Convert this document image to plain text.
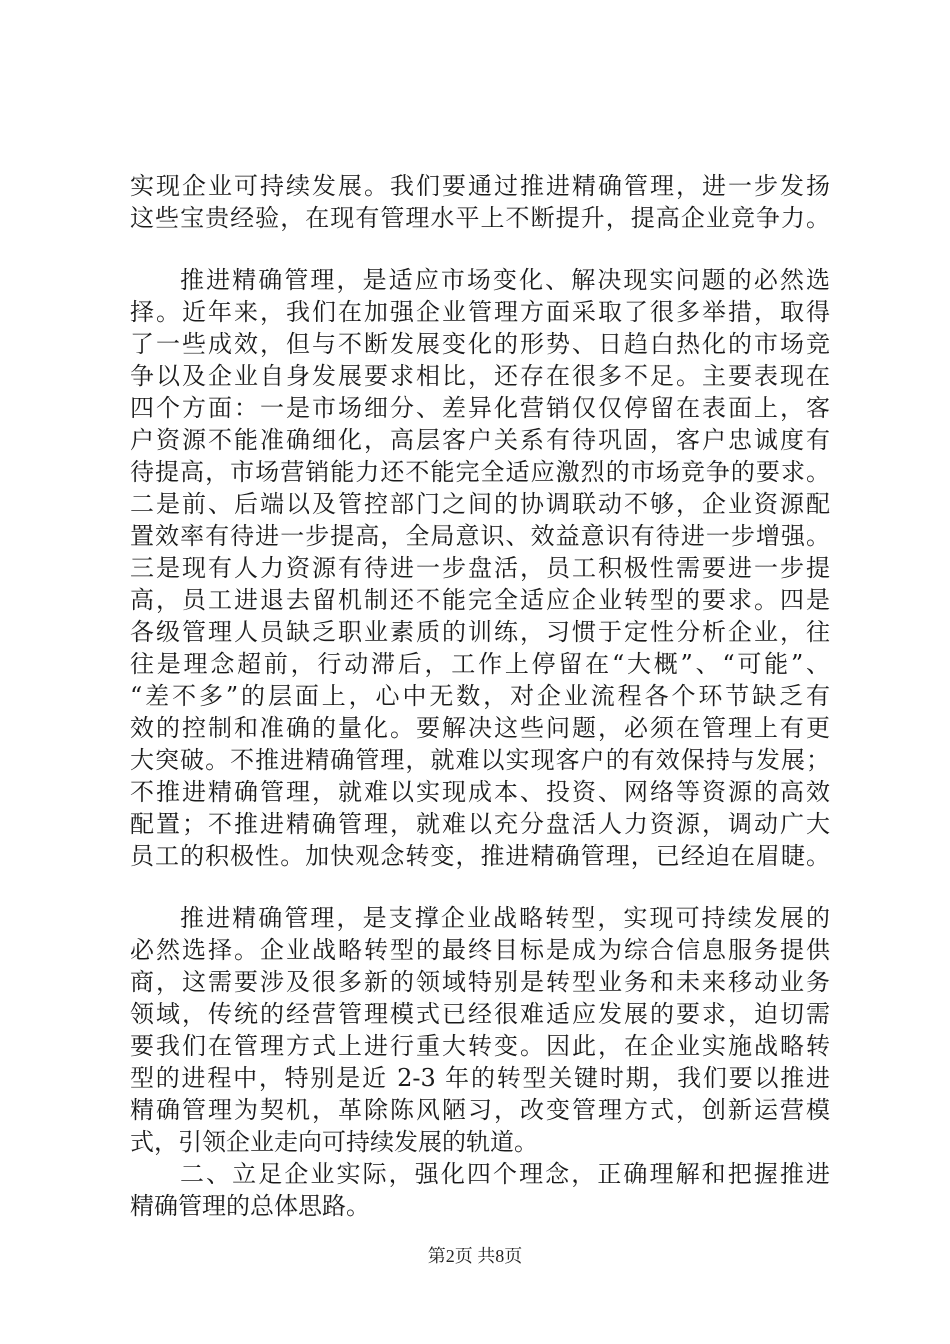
实现企业可持续发展。我们要通过推进精确管理，进一步发扬
这些宝贵经验，在现有管理水平上不断提升，提高企业竞争力。
推进精确管理，是适应市场变化、解决现实问题的必然选
择。近年来，我们在加强企业管理方面采取了很多举措，取得
了一些成效，但与不断发展变化的形势、日趋白热化的市场竞
争以及企业自身发展要求相比，还存在很多不足。主要表现在
四个方面：一是市场细分、差异化营销仅仅停留在表面上，客
户资源不能准确细化，高层客户关系有待巩固，客户忠诚度有
待提高，市场营销能力还不能完全适应激烈的市场竞争的要求。
二是前、后端以及管控部门之间的协调联动不够，企业资源配
置效率有待进一步提高，全局意识、效益意识有待进一步增强。
三是现有人力资源有待进一步盘活，员工积极性需要进一步提
高，员工进退去留机制还不能完全适应企业转型的要求。四是
各级管理人员缺乏职业素质的训练，习惯于定性分析企业，往
往是理念超前，行动滞后，工作上停留在“大概”、“可能”、
“差不多”的层面上，心中无数，对企业流程各个环节缺乏有
效的控制和准确的量化。要解决这些问题，必须在管理上有更
大突破。不推进精确管理，就难以实现客户的有效保持与发展；
不推进精确管理，就难以实现成本、投资、网络等资源的高效
配置；不推进精确管理，就难以充分盘活人力资源，调动广大
员工的积极性。加快观念转变，推进精确管理，已经迫在眉睫。
推进精确管理，是支撑企业战略转型，实现可持续发展的
必然选择。企业战略转型的最终目标是成为综合信息服务提供
商，这需要涉及很多新的领域特别是转型业务和未来移动业务
领域，传统的经营管理模式已经很难适应发展的要求，迫切需
要我们在管理方式上进行重大转变。因此，在企业实施战略转
型的进程中，特别是近 2-3 年的转型关键时期，我们要以推进
精确管理为契机，革除陈风陋习，改变管理方式，创新运营模
式，引领企业走向可持续发展的轨道。
二、立足企业实际，强化四个理念，正确理解和把握推进
精确管理的总体思路。
第2页 共8页
